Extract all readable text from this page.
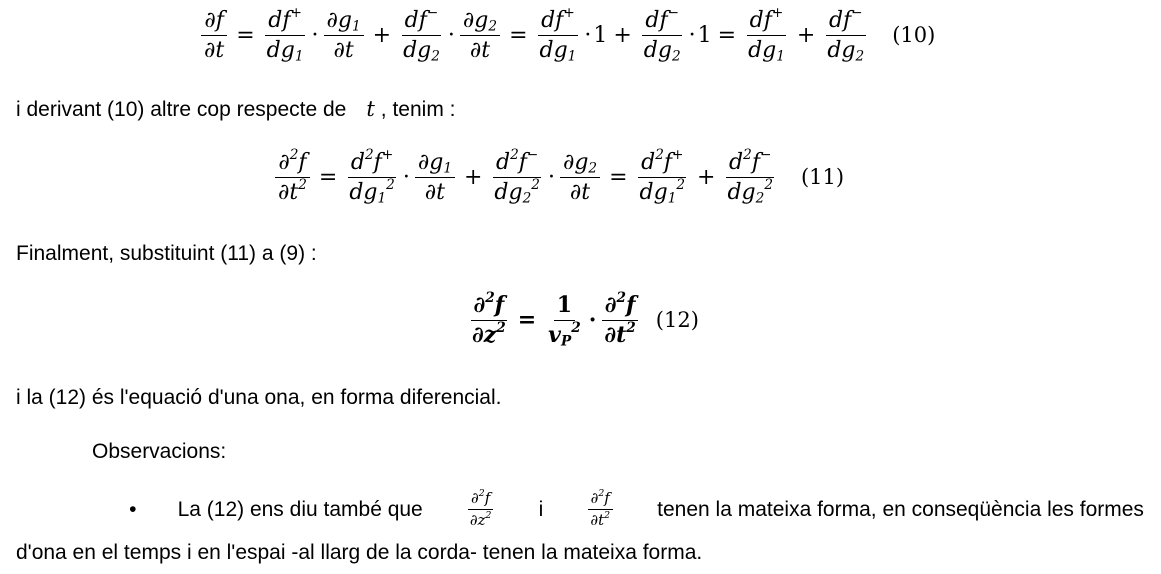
$\frac{\partial f}{\partial t} = \frac{df^+}{dg_1} \cdot \frac{\partial g_1}{\partial t} + \frac{df^-}{dg_2} \cdot \frac{\partial g_2}{\partial t} = \frac{df^+}{dg_1} \cdot 1 + \frac{df^-}{dg_2} \cdot 1 = \frac{df^+}{dg_1} + \frac{df^-}{dg_2} (10)$
i derivant (10) altre cop respecte de t , tenim :
$\frac{\partial^2f}{\partial t^2} = \frac{d^2f^+}{dg_1^2} \cdot \frac{\partial g_1}{\partial t} + \frac{d^2f^-}{dg_2^2} \cdot \frac{\partial g_2}{\partial t} = \frac{d^2f^+}{dg_1^2} + \frac{d^2f^-}{dg_2^2} (11)$
Finalment, substituint (11) a (9) :
$\frac{\partial^2f}{\partial z^2} = \frac{1}{v_P^2} \cdot \frac{\partial^2f}{\partial t^2} (12)$
i la (12) és l'equació d'una ona, en forma diferencial.
Observacions:
• La (12) ens diu també que	$\frac{\partial^2f}{\partial z^2}$ i	$\frac{\partial^2f}{\partial t^2}$ tenen la mateixa forma, en conseqüència les formes
d'ona en el temps i en l'espai -al llarg de la corda- tenen la mateixa forma.
